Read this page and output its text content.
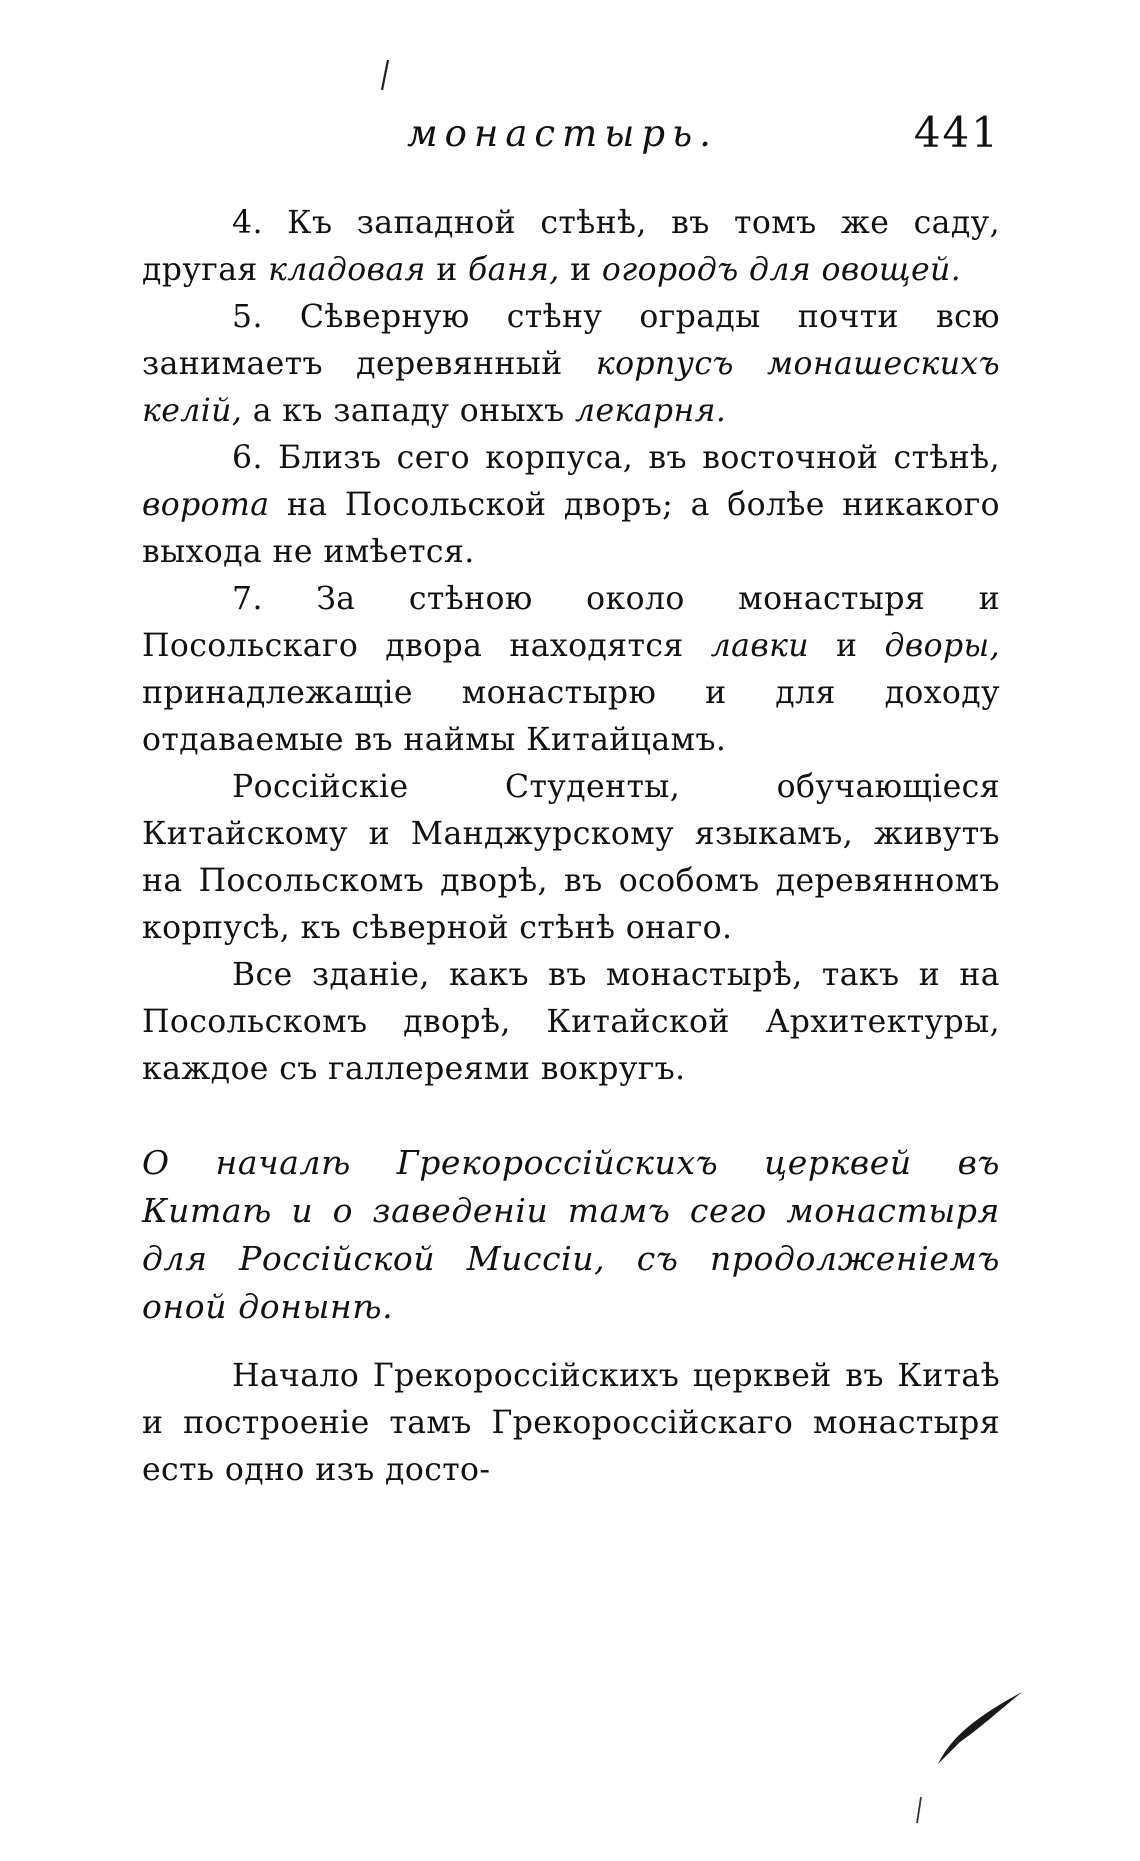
монастырь.	441

4. Къ западной стѣнѣ, въ томъ же саду, другая кладовая и баня, и огородъ для овощей.

5. Сѣверную стѣну ограды почти всю занимаетъ деревянный корпусъ монашескихъ келій, а къ западу оныхъ лекарня.

6. Близъ сего корпуса, въ восточной стѣнѣ, ворота на Посольской дворъ; а болѣе никакого выхода не имѣется.

7. За стѣною около монастыря и Посольскаго двора находятся лавки и дворы, принадлежащіе монастырю и для доходу отдаваемые въ наймы Китайцамъ.

Россійскіе Студенты, обучающіеся Китайскому и Манджурскому языкамъ, живутъ на Посольскомъ дворѣ, въ особомъ деревянномъ корпусѣ, къ сѣверной стѣнѣ онаго.

Все зданіе, какъ въ монастырѣ, такъ и на Посольскомъ дворѣ, Китайской Архитектуры, каждое съ галлереями вокругъ.

О началѣ Грекороссійскихъ церквей въ Китаѣ и о заведеніи тамъ сего монастыря для Россійской Миссіи, съ продолженіемъ оной донынѣ.

Начало Грекороссійскихъ церквей въ Китаѣ и построеніе тамъ Грекороссійскаго монастыря есть одно изъ досто-
